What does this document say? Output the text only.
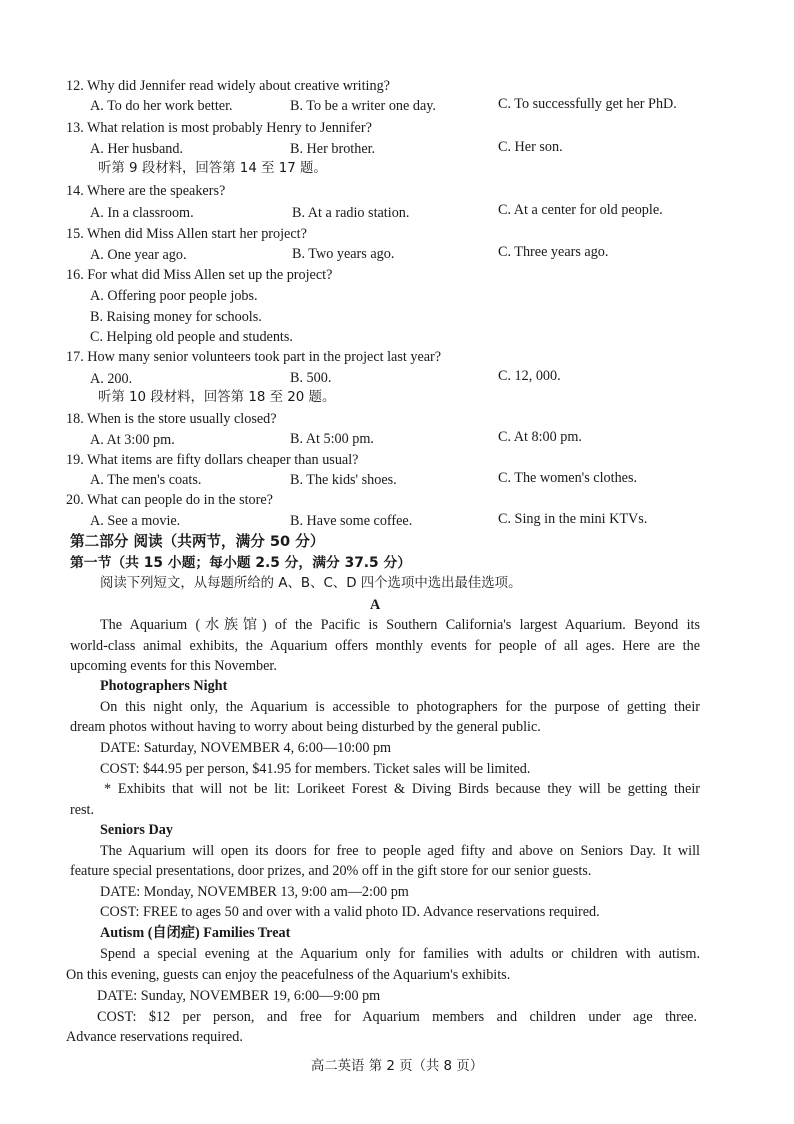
12. Why did Jennifer read widely about creative writing?
A. To do her work better.	B. To be a writer one day.	C. To successfully get her PhD.
13. What relation is most probably Henry to Jennifer?
A. Her husband.	B. Her brother.	C. Her son.
听第 9 段材料，回答第 14 至 17 题。
14. Where are the speakers?
A. In a classroom.	B. At a radio station.	C. At a center for old people.
15. When did Miss Allen start her project?
A. One year ago.	B. Two years ago.	C. Three years ago.
16. For what did Miss Allen set up the project?
A. Offering poor people jobs.
B. Raising money for schools.
C. Helping old people and students.
17. How many senior volunteers took part in the project last year?
A. 200.	B. 500.	C. 12, 000.
听第 10 段材料，回答第 18 至 20 题。
18. When is the store usually closed?
A. At 3:00 pm.	B. At 5:00 pm.	C. At 8:00 pm.
19. What items are fifty dollars cheaper than usual?
A. The men's coats.	B. The kids' shoes.	C. The women's clothes.
20. What can people do in the store?
A. See a movie.	B. Have some coffee.	C. Sing in the mini KTVs.
第二部分 阅读（共两节，满分 50 分）
第一节（共 15 小题；每小题 2.5 分，满分 37.5 分）
阅读下列短文，从每题所给的 A、B、C、D 四个选项中选出最佳选项。
A
The Aquarium (水族馆) of the Pacific is Southern California's largest Aquarium. Beyond its
world-class animal exhibits, the Aquarium offers monthly events for people of all ages. Here are the
upcoming events for this November.
Photographers Night
On this night only, the Aquarium is accessible to photographers for the purpose of getting their
dream photos without having to worry about being disturbed by the general public.
DATE: Saturday, NOVEMBER 4, 6:00—10:00 pm
COST: $44.95 per person, $41.95 for members. Ticket sales will be limited.
* Exhibits that will not be lit: Lorikeet Forest & Diving Birds because they will be getting their
rest.
Seniors Day
The Aquarium will open its doors for free to people aged fifty and above on Seniors Day. It will
feature special presentations, door prizes, and 20% off in the gift store for our senior guests.
DATE: Monday, NOVEMBER 13, 9:00 am—2:00 pm
COST: FREE to ages 50 and over with a valid photo ID. Advance reservations required.
Autism (自闭症) Families Treat
Spend a special evening at the Aquarium only for families with adults or children with autism.
On this evening, guests can enjoy the peacefulness of the Aquarium's exhibits.
DATE: Sunday, NOVEMBER 19, 6:00—9:00 pm
COST: $12 per person, and free for Aquarium members and children under age three.
Advance reservations required.
高二英语 第 2 页（共 8 页）
